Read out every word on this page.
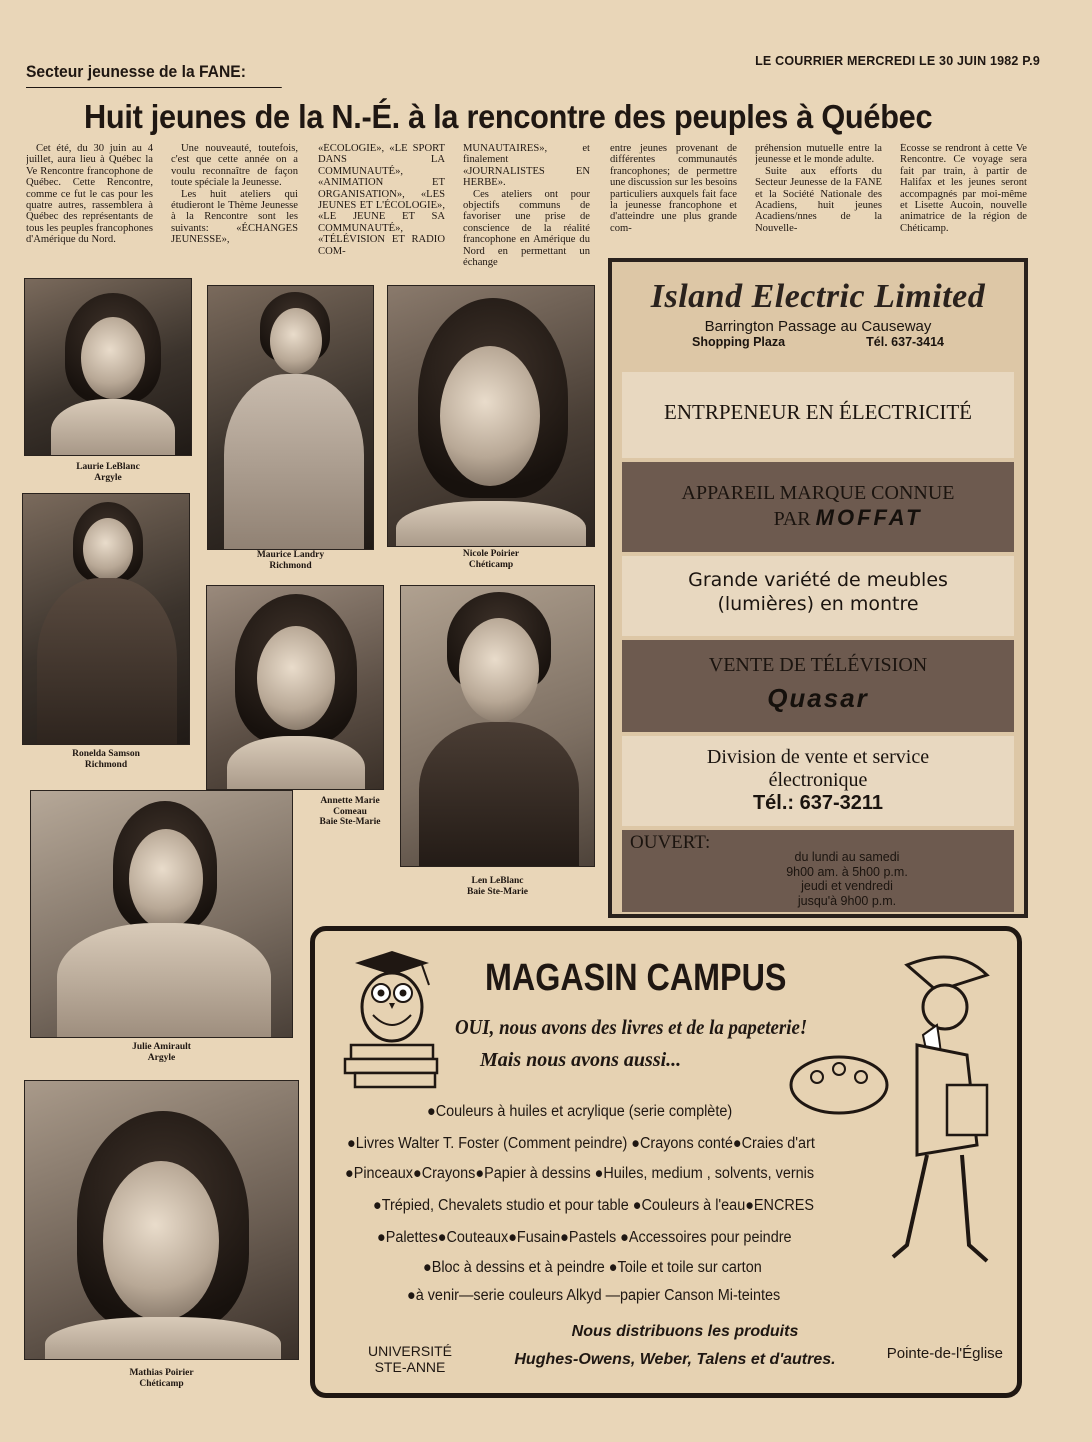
LE COURRIER MERCREDI LE 30 JUIN 1982 P.9
Secteur jeunesse de la FANE:
Huit jeunes de la N.-É. à la rencontre des peuples à Québec

Cet été, du 30 juin au 4 juillet, aura lieu à Québec la Ve Rencontre francophone de Québec. Cette Rencontre, comme ce fut le cas pour les quatre autres, rassemblera à Québec des représentants de tous les peuples francophones d'Amérique du Nord.

Une nouveauté, toutefois, c'est que cette année on a voulu reconnaître de façon toute spéciale la Jeunesse.

Les huit ateliers qui étudieront le Thème Jeunesse à la Rencontre sont les suivants: «ÉCHANGES JEUNESSE»,

«ÉCOLOGIE», «LE SPORT DANS LA COMMUNAUTÉ», «ANIMATION ET ORGANISATION», «LES JEUNES ET L'ÉCOLOGIE», «LE JEUNE ET SA COMMUNAUTÉ», «TÉLÉVISION ET RADIO COM-

MUNAUTAIRES», et finalement «JOURNALISTES EN HERBE».

Ces ateliers ont pour objectifs communs de favoriser une prise de conscience de la réalité francophone en Amérique du Nord en permettant un échange

entre jeunes provenant de différentes communautés francophones; de permettre une discussion sur les besoins particuliers auxquels fait face la jeunesse francophone et d'atteindre une plus grande com-

préhension mutuelle entre la jeunesse et le monde adulte.

Suite aux efforts du Secteur Jeunesse de la FANE et la Société Nationale des Acadiens, huit jeunes Acadiens/nnes de la Nouvelle-

Écosse se rendront à cette Ve Rencontre. Ce voyage sera fait par train, à partir de Halifax et les jeunes seront accompagnés par moi-même et Lisette Aucoin, nouvelle animatrice de la région de Chéticamp.

Laurie LeBlanc
Argyle
Maurice Landry
Richmond
Nicole Poirier
Chéticamp
Ronelda Samson
Richmond
Annette Marie
Comeau
Baie Ste-Marie
Len LeBlanc
Baie Ste-Marie
Julie Amirault
Argyle
Mathias Poirier
Chéticamp
Island Electric Limited
Barrington Passage au Causeway
Shopping Plaza	Tél. 637-3414
ENTRPENEUR EN ÉLECTRICITÉ
APPAREIL MARQUE CONNUE
PAR MOFFAT
Grande variété de meubles
(lumières) en montre
VENTE DE TÉLÉVISION
Quasar
Division de vente et service
électronique
Tél.: 637-3211
OUVERT:
du lundi au samedi
9h00 am. à 5h00 p.m.
jeudi et vendredi
jusqu'à 9h00 p.m.
MAGASIN CAMPUS
OUI, nous avons des livres et de la papeterie!
Mais nous avons aussi...
●Couleurs à huiles et acrylique (serie complète)
●Livres Walter T. Foster (Comment peindre) ●Crayons conté●Craies d'art
●Pinceaux●Crayons●Papier à dessins ●Huiles, medium , solvents, vernis
●Trépied, Chevalets studio et pour table ●Couleurs à l'eau●ENCRES
●Palettes●Couteaux●Fusain●Pastels ●Accessoires pour peindre
●Bloc à dessins et à peindre ●Toile et toile sur carton
●à venir—serie couleurs Alkyd —papier Canson Mi-teintes
Nous distribuons les produits
Hughes-Owens, Weber, Talens et d'autres.
UNIVERSITÉ
STE-ANNE
Pointe-de-l'Église
